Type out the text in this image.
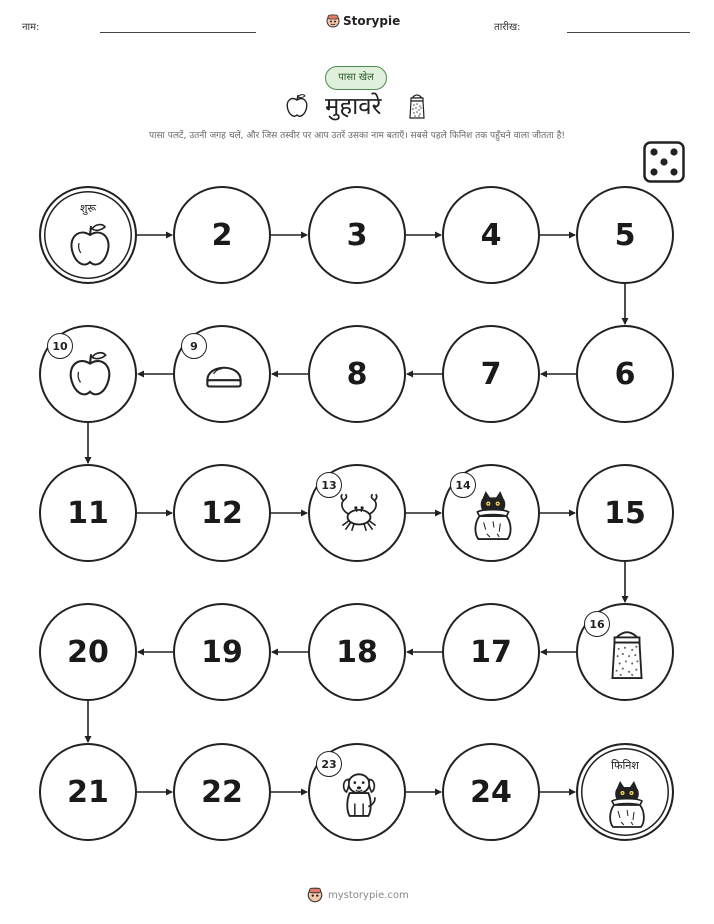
नाम:	Storypie	तारीख:
पासा खेल
मुहावरे
पासा पलटें, उतनी जगह चलें, और जिस तस्वीर पर आप उतरें उसका नाम बताएँ। सबसे पहले फिनिश तक पहुँचने वाला जीतता है!
शुरू
2	3	4	5
6
7
8
9
10
11	12
13	14
15
16
17
18
19
20
21	22
23
24
फिनिश
mystorypie.com
